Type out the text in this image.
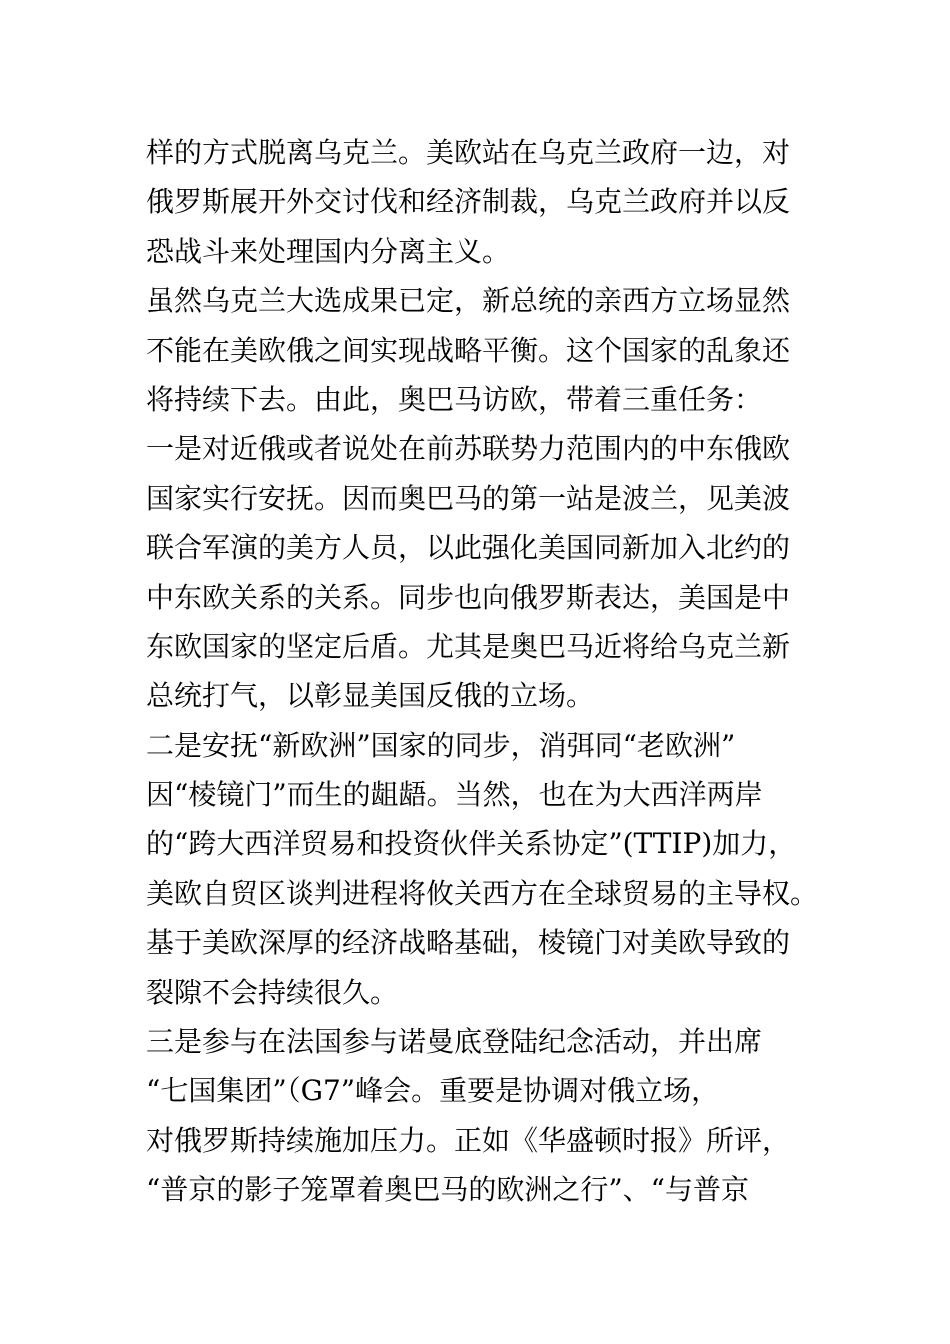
样的方式脱离乌克兰。美欧站在乌克兰政府一边，对
俄罗斯展开外交讨伐和经济制裁，乌克兰政府并以反
恐战斗来处理国内分离主义。
虽然乌克兰大选成果已定，新总统的亲西方立场显然
不能在美欧俄之间实现战略平衡。这个国家的乱象还
将持续下去。由此，奥巴马访欧，带着三重任务：
一是对近俄或者说处在前苏联势力范围内的中东俄欧
国家实行安抚。因而奥巴马的第一站是波兰，见美波
联合军演的美方人员，以此强化美国同新加入北约的
中东欧关系的关系。同步也向俄罗斯表达，美国是中
东欧国家的坚定后盾。尤其是奥巴马近将给乌克兰新
总统打气，以彰显美国反俄的立场。
二是安抚“新欧洲”国家的同步，消弭同“老欧洲”
因“棱镜门”而生的龃龉。当然，也在为大西洋两岸
的“跨大西洋贸易和投资伙伴关系协定”(TTIP)加力，
美欧自贸区谈判进程将攸关西方在全球贸易的主导权。
基于美欧深厚的经济战略基础，棱镜门对美欧导致的
裂隙不会持续很久。
三是参与在法国参与诺曼底登陆纪念活动，并出席
“七国集团”（G7”峰会。重要是协调对俄立场，
对俄罗斯持续施加压力。正如《华盛顿时报》所评，
“普京的影子笼罩着奥巴马的欧洲之行”、“与普京
